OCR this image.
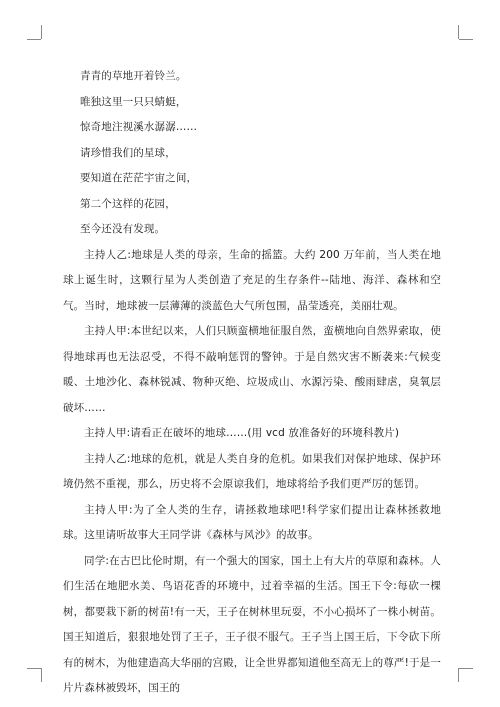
青青的草地开着铃兰。
唯独这里一只只蜻蜓，
惊奇地注视溪水潺潺……
请珍惜我们的星球，
要知道在茫茫宇宙之间，
第二个这样的花园，
至今还没有发现。

主持人乙:地球是人类的母亲，生命的摇篮。大约 200 万年前，当人类在地球上诞生时，这颗行星为人类创造了充足的生存条件--陆地、海洋、森林和空气。当时，地球被一层薄薄的淡蓝色大气所包围，晶莹透亮，美丽壮观。

主持人甲:本世纪以来，人们只顾蛮横地征服自然，蛮横地向自然界索取，使得地球再也无法忍受，不得不敲响惩罚的警钟。于是自然灾害不断袭来:气候变暖、土地沙化、森林锐减、物种灭绝、垃圾成山、水源污染、酸雨肆虐，臭氧层破坏……

主持人甲:请看正在破坏的地球……(用 vcd 放准备好的环境科教片)

主持人乙:地球的危机，就是人类自身的危机。如果我们对保护地球、保护环境仍然不重视，那么，历史将不会原谅我们，地球将给予我们更严厉的惩罚。

主持人甲:为了全人类的生存，请拯救地球吧!科学家们提出让森林拯救地球。这里请听故事大王同学讲《森林与风沙》的故事。

同学:在古巴比伦时期，有一个强大的国家，国土上有大片的草原和森林。人们生活在地肥水美、鸟语花香的环境中，过着幸福的生活。国王下令:每砍一棵树，都要栽下新的树苗!有一天，王子在树林里玩耍，不小心损坏了一株小树苗。国王知道后，狠狠地处罚了王子，王子很不服气。王子当上国王后，下令砍下所有的树木，为他建造高大华丽的宫殿，让全世界都知道他至高无上的尊严!于是一片片森林被毁坏，国王的
